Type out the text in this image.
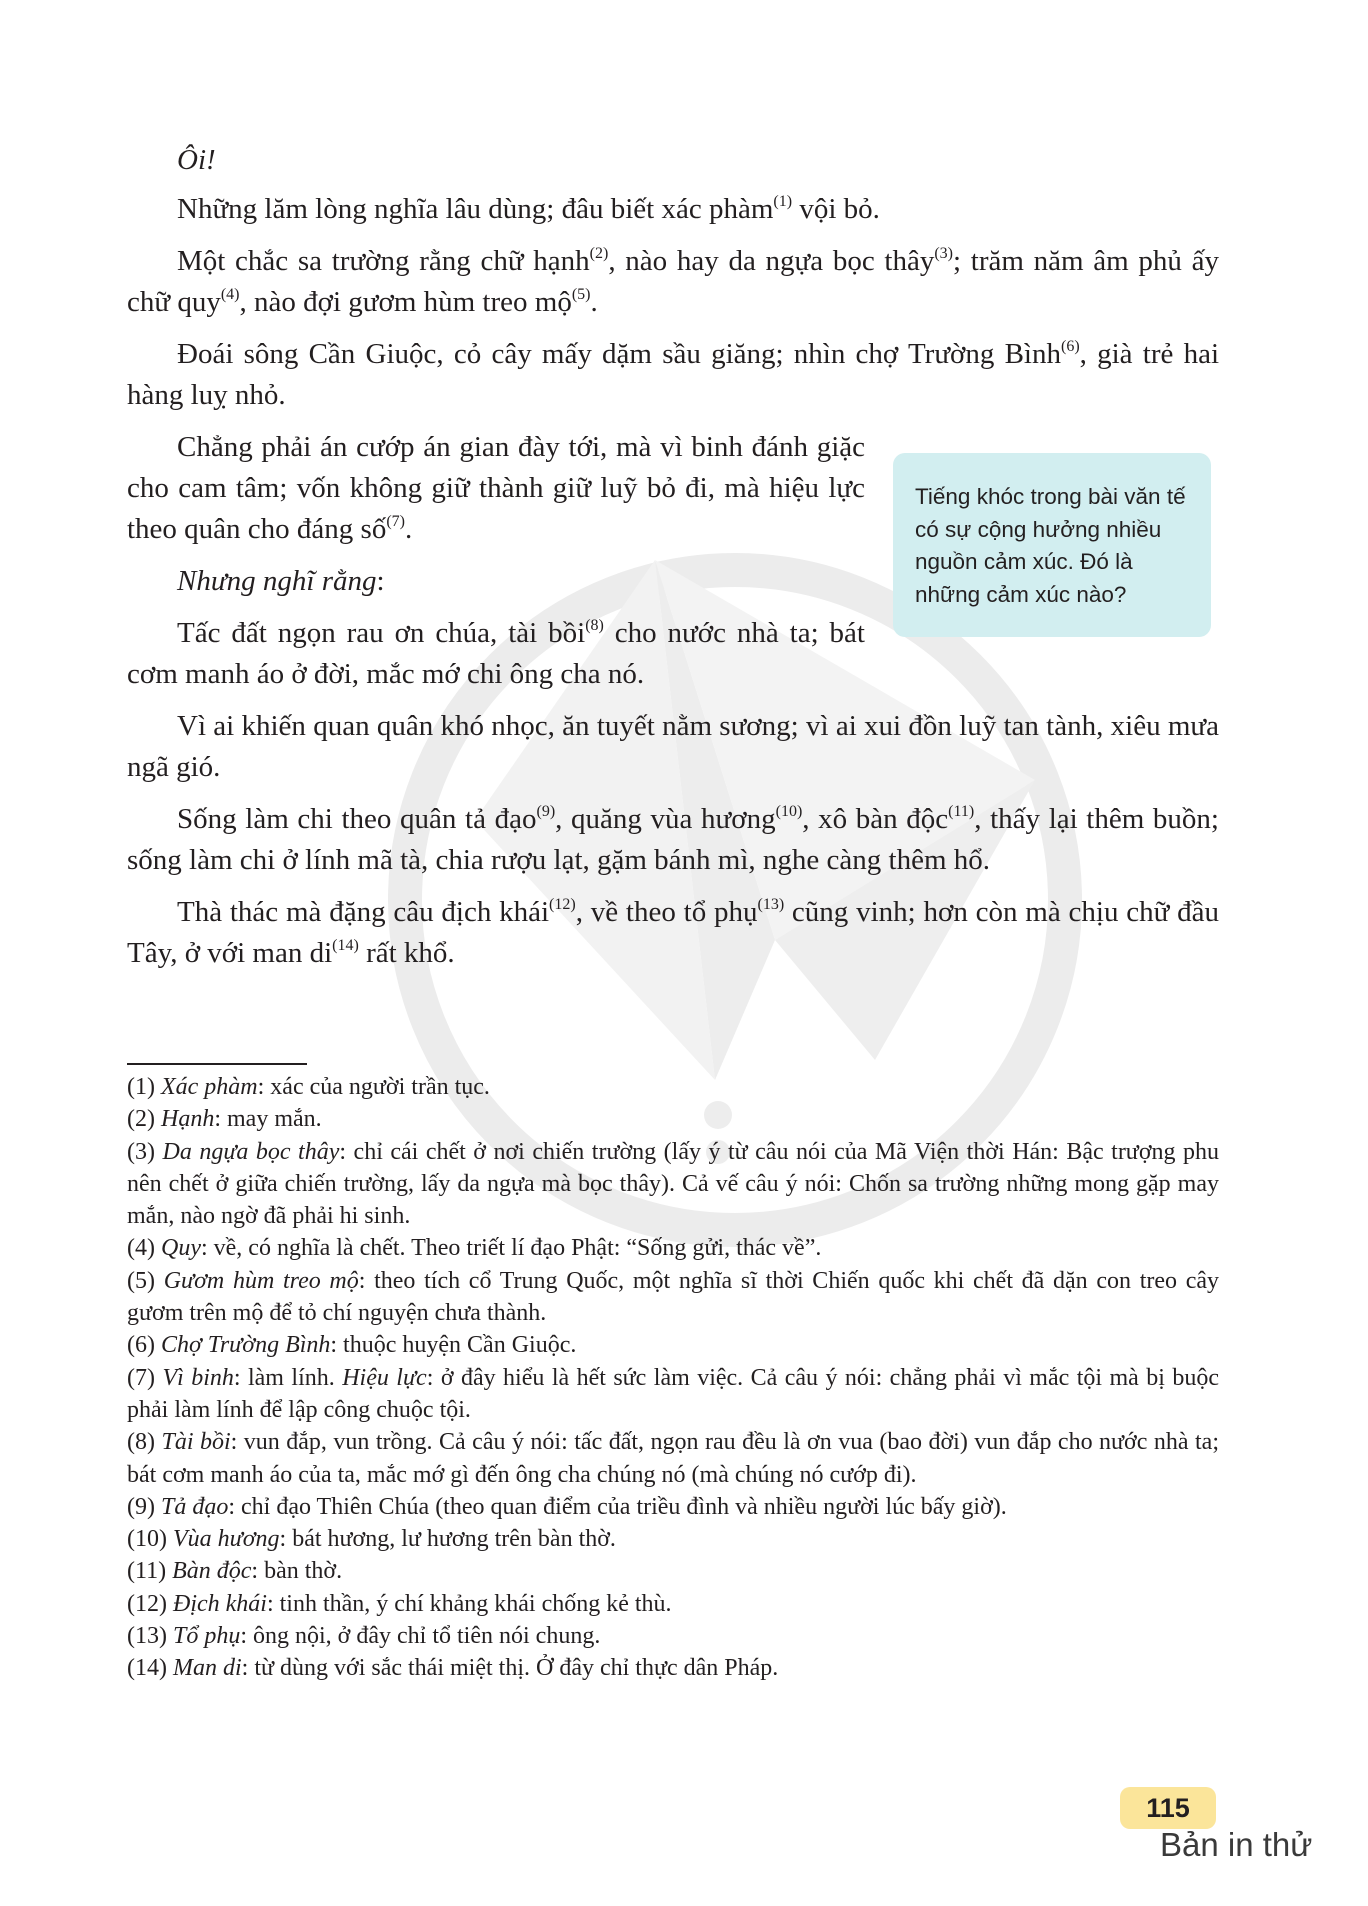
Ôi!

Những lăm lòng nghĩa lâu dùng; đâu biết xác phàm$^{(1)}$ vội bỏ.

Một chắc sa trường rằng chữ hạnh$^{(2)}$, nào hay da ngựa bọc thây$^{(3)}$; trăm năm âm phủ ấy chữ quy$^{(4)}$, nào đợi gươm hùm treo mộ$^{(5)}$.

Đoái sông Cần Giuộc, cỏ cây mấy dặm sầu giăng; nhìn chợ Trường Bình$^{(6)}$, già trẻ hai hàng luỵ nhỏ.

Chẳng phải án cướp án gian đày tới, mà vì binh đánh giặc cho cam tâm; vốn không giữ thành giữ luỹ bỏ đi, mà hiệu lực theo quân cho đáng số$^{(7)}$.

Nhưng nghĩ rằng:

Tấc đất ngọn rau ơn chúa, tài bồi$^{(8)}$ cho nước nhà ta; bát cơm manh áo ở đời, mắc mớ chi ông cha nó.

Vì ai khiến quan quân khó nhọc, ăn tuyết nằm sương; vì ai xui đồn luỹ tan tành, xiêu mưa ngã gió.

Sống làm chi theo quân tả đạo$^{(9)}$, quăng vùa hương$^{(10)}$, xô bàn độc$^{(11)}$, thấy lại thêm buồn; sống làm chi ở lính mã tà, chia rượu lạt, gặm bánh mì, nghe càng thêm hổ.

Thà thác mà đặng câu địch khái$^{(12)}$, về theo tổ phụ$^{(13)}$ cũng vinh; hơn còn mà chịu chữ đầu Tây, ở với man $di^{(14)}$ rất khổ.

Tiếng khóc trong bài văn tế có sự cộng hưởng nhiều nguồn cảm xúc. Đó là những cảm xúc nào?
(1) Xác phàm: xác của người trần tục.
(2) Hạnh: may mắn.
(3) Da ngựa bọc thây: chỉ cái chết ở nơi chiến trường (lấy ý từ câu nói của Mã Viện thời Hán: Bậc trượng phu nên chết ở giữa chiến trường, lấy da ngựa mà bọc thây). Cả vế câu ý nói: Chốn sa trường những mong gặp may mắn, nào ngờ đã phải hi sinh.
(4) Quy: về, có nghĩa là chết. Theo triết lí đạo Phật: “Sống gửi, thác về”.
(5) Gươm hùm treo mộ: theo tích cổ Trung Quốc, một nghĩa sĩ thời Chiến quốc khi chết đã dặn con treo cây gươm trên mộ để tỏ chí nguyện chưa thành.
(6) Chợ Trường Bình: thuộc huyện Cần Giuộc.
(7) Vì binh: làm lính. Hiệu lực: ở đây hiểu là hết sức làm việc. Cả câu ý nói: chẳng phải vì mắc tội mà bị buộc phải làm lính để lập công chuộc tội.
(8) Tài bồi: vun đắp, vun trồng. Cả câu ý nói: tấc đất, ngọn rau đều là ơn vua (bao đời) vun đắp cho nước nhà ta; bát cơm manh áo của ta, mắc mớ gì đến ông cha chúng nó (mà chúng nó cướp đi).
(9) Tả đạo: chỉ đạo Thiên Chúa (theo quan điểm của triều đình và nhiều người lúc bấy giờ).
(10) Vùa hương: bát hương, lư hương trên bàn thờ.
(11) Bàn độc: bàn thờ.
(12) Địch khái: tinh thần, ý chí khảng khái chống kẻ thù.
(13) Tổ phụ: ông nội, ở đây chỉ tổ tiên nói chung.
(14) Man di: từ dùng với sắc thái miệt thị. Ở đây chỉ thực dân Pháp.
115
Bản in thử
